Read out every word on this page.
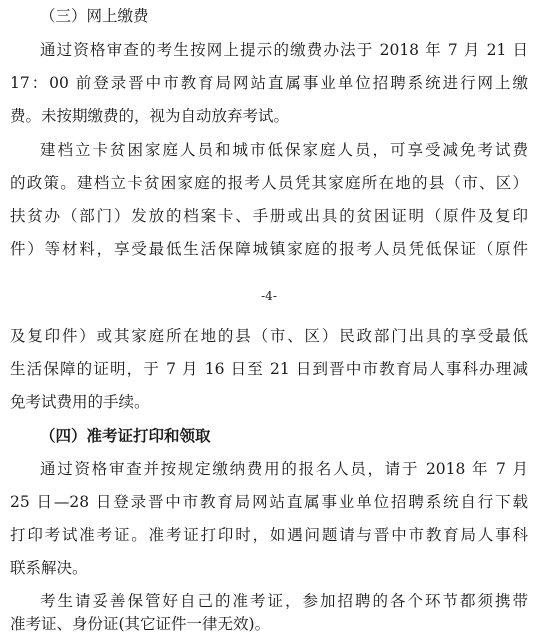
（三）网上缴费
通过资格审查的考生按网上提示的缴费办法于 2018 年 7 月 21 日
17：00 前登录晋中市教育局网站直属事业单位招聘系统进行网上缴
费。未按期缴费的，视为自动放弃考试。
建档立卡贫困家庭人员和城市低保家庭人员，可享受减免考试费
的政策。建档立卡贫困家庭的报考人员凭其家庭所在地的县（市、区）
扶贫办（部门）发放的档案卡、手册或出具的贫困证明（原件及复印
件）等材料，享受最低生活保障城镇家庭的报考人员凭低保证（原件
-4-
及复印件）或其家庭所在地的县（市、区）民政部门出具的享受最低
生活保障的证明，于 7 月 16 日至 21 日到晋中市教育局人事科办理减
免考试费用的手续。
（四）准考证打印和领取
通过资格审查并按规定缴纳费用的报名人员，请于 2018 年 7 月
25 日—28 日登录晋中市教育局网站直属事业单位招聘系统自行下载
打印考试准考证。准考证打印时，如遇问题请与晋中市教育局人事科
联系解决。
考生请妥善保管好自己的准考证，参加招聘的各个环节都须携带
准考证、身份证(其它证件一律无效)。
